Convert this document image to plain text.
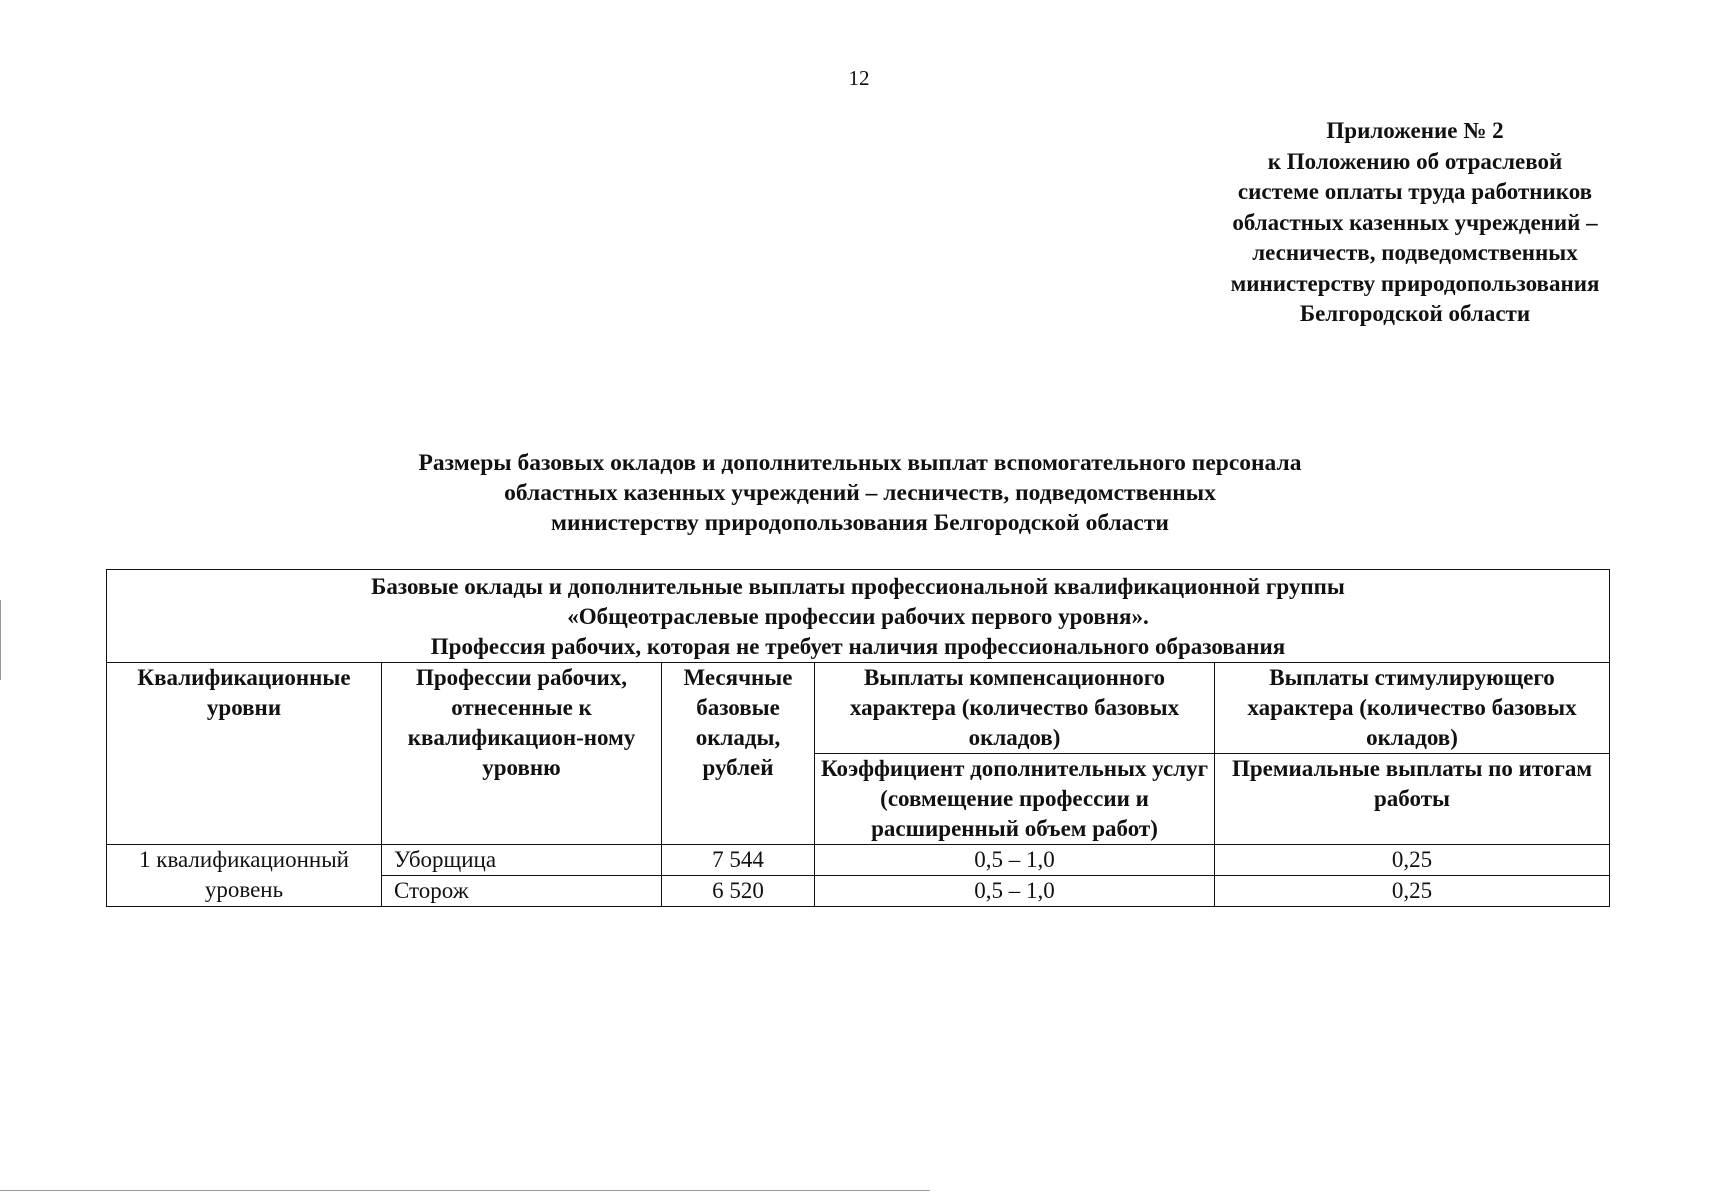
12
Приложение № 2
к Положению об отраслевой
системе оплаты труда работников
областных казенных учреждений –
лесничеств, подведомственных
министерству природопользования
Белгородской области
Размеры базовых окладов и дополнительных выплат вспомогательного персонала
областных казенных учреждений – лесничеств, подведомственных
министерству природопользования Белгородской области
Базовые оклады и дополнительные выплаты профессиональной квалификационной группы
«Общеотраслевые профессии рабочих первого уровня».
Профессия рабочих, которая не требует наличия профессионального образования				

Квалификационные уровни	Профессии рабочих, отнесенные к квалификацион-ному уровню	Месячные базовые оклады, рублей	Выплаты компенсационного характера (количество базовых окладов)	Выплаты стимулирующего характера (количество базовых окладов)
			Коэффициент дополнительных услуг (совмещение профессии и расширенный объем работ)	Премиальные выплаты по итогам работы
1 квалификационный уровень	Уборщица	7 544	0,5 – 1,0	0,25
	Сторож	6 520	0,5 – 1,0	0,25
